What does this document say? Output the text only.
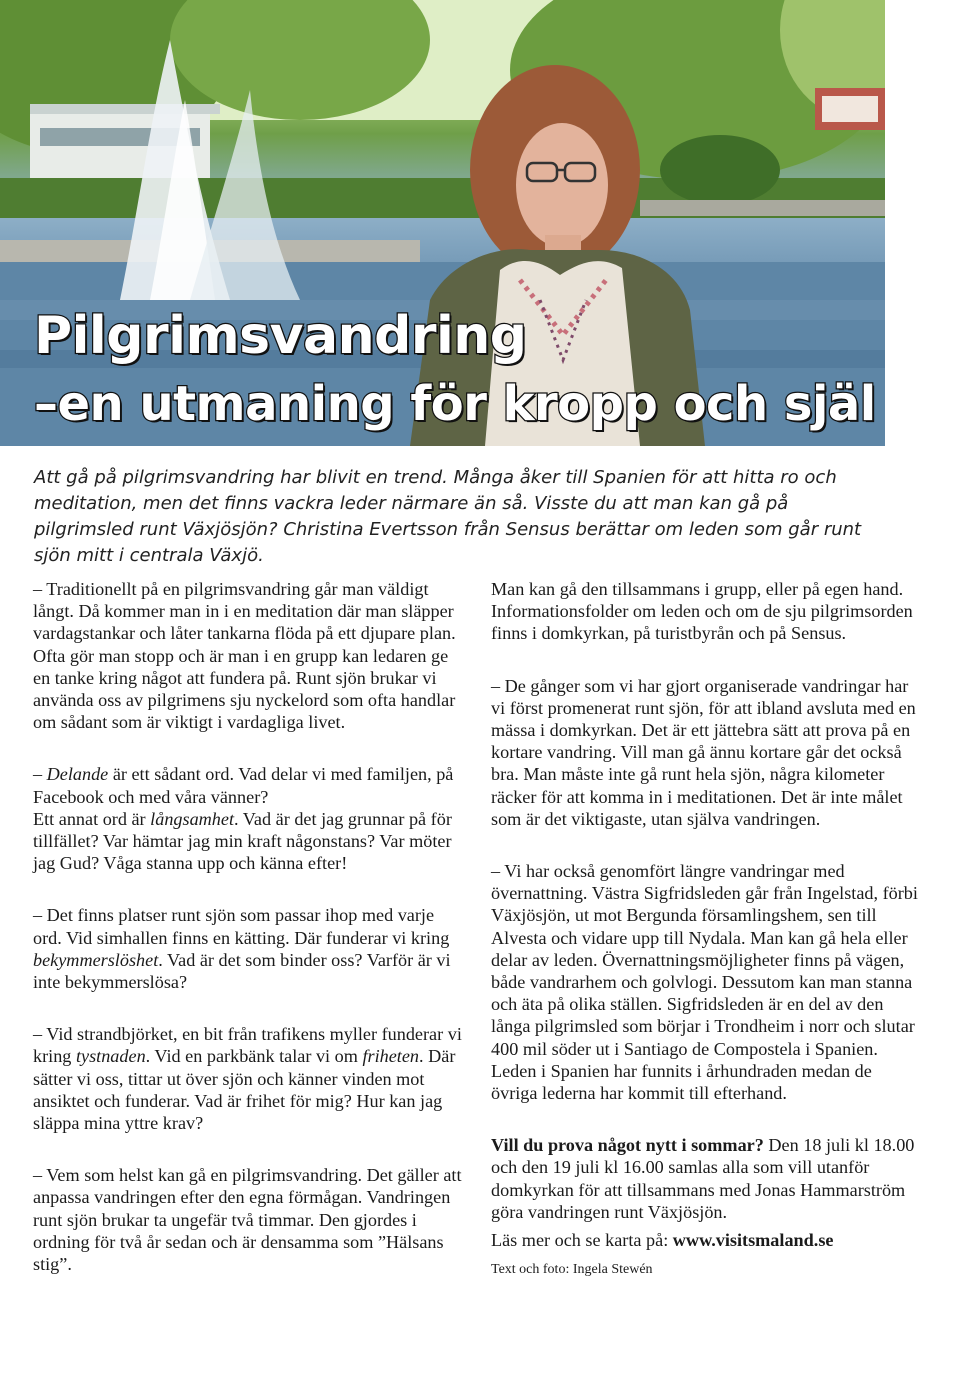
Pilgrimsvandring
–en utmaning för kropp och själ
Att gå på pilgrimsvandring har blivit en trend. Många åker till Spanien för att hitta ro och meditation, men det finns vackra leder närmare än så. Visste du att man kan gå på pilgrimsled runt Växjösjön? Christina Evertsson från Sensus berättar om leden som går runt sjön mitt i centrala Växjö.

– Traditionellt på en pilgrimsvandring går man väldigt långt. Då kommer man in i en meditation där man släpper vardagstankar och låter tankarna flöda på ett djupare plan. Ofta gör man stopp och är man i en grupp kan ledaren ge en tanke kring något att fundera på. Runt sjön brukar vi använda oss av pilgrimens sju nyckelord som ofta handlar om sådant som är viktigt i vardagliga livet.

– Delande är ett sådant ord. Vad delar vi med familjen, på Facebook och med våra vänner?

Ett annat ord är långsamhet. Vad är det jag grunnar på för tillfället? Var hämtar jag min kraft någonstans? Var möter jag Gud? Våga stanna upp och känna efter!

– Det finns platser runt sjön som passar ihop med varje ord. Vid simhallen finns en kätting. Där funderar vi kring bekymmerslöshet. Vad är det som binder oss? Varför är vi inte bekymmerslösa?

– Vid strandbjörket, en bit från trafikens myller funderar vi kring tystnaden. Vid en parkbänk talar vi om friheten. Där sätter vi oss, tittar ut över sjön och känner vinden mot ansiktet och funderar. Vad är frihet för mig? Hur kan jag släppa mina yttre krav?

– Vem som helst kan gå en pilgrimsvandring. Det gäller att anpassa vandringen efter den egna förmågan. Vandringen runt sjön brukar ta ungefär två timmar. Den gjordes i ordning för två år sedan och är densamma som ”Hälsans stig”.

Man kan gå den tillsammans i grupp, eller på egen hand. Informationsfolder om leden och om de sju pilgrimsorden finns i domkyrkan, på turistbyrån och på Sensus.

– De gånger som vi har gjort organiserade vandringar har vi först promenerat runt sjön, för att ibland avsluta med en mässa i domkyrkan. Det är ett jättebra sätt att prova på en kortare vandring. Vill man gå ännu kortare går det också bra. Man måste inte gå runt hela sjön, några kilometer räcker för att komma in i meditationen. Det är inte målet som är det viktigaste, utan själva vandringen.

– Vi har också genomfört längre vandringar med övernattning. Västra Sigfridsleden går från Ingelstad, förbi Växjösjön, ut mot Bergunda församlingshem, sen till Alvesta och vidare upp till Nydala. Man kan gå hela eller delar av leden. Övernattningsmöjligheter finns på vägen, både vandrarhem och golvlogi. Dessutom kan man stanna och äta på olika ställen. Sigfridsleden är en del av den långa pilgrimsled som börjar i Trondheim i norr och slutar 400 mil söder ut i Santiago de Compostela i Spanien. Leden i Spanien har funnits i århundraden medan de övriga lederna har kommit till efterhand.

Vill du prova något nytt i sommar? Den 18 juli kl 18.00 och den 19 juli kl 16.00 samlas alla som vill utanför domkyrkan för att tillsammans med Jonas Hammarström göra vandringen runt Växjösjön.

Läs mer och se karta på: www.visitsmaland.se

Text och foto: Ingela Stewén
